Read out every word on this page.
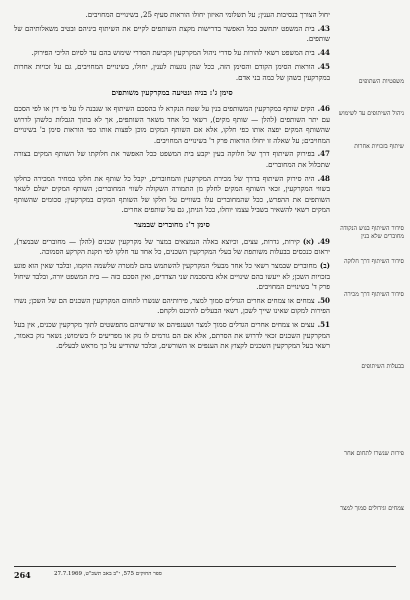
משפטיות השתופים
ניהול השיתופים עד לשימוש
שיתוף בזכויות אחרות
סידור השיתוף בגוש הנקודה מחוברים שלא בנין
סידור השיתוף דרך חלוקה
סידור השיתוף דרך מכירה
בבעלות השיתופים
פירות שנשרו לתחום אחר
צמחים וגידולים סמוך למצר

יחול הצורך בנסיבות הענין; על תשלומי האיזון יחולו הוראות סעיף 25, בשינויים המחויבים.

43.בית המשפט יתחשב ככל האפשר בדרישות מקצת השותפים לקיים את השיתוף ביניהם ובטיב משאלותיהם של שותפים.

44.בית המשפט רשאי להורות על סדרי ניהול המקרקעין וקביעת הסדרי שימוש בהם עד לסיום הליכי הפירוק.

45.הוראות הסימן הקודם והסימן הזה, ככל שהן נוגעות לענין, יחולו, בשינויים המחויבים, גם על זכויות אחרות במקרקעין כשהן של כמה בני אדם.

סימן ג': בניה ונטיעה במקרקעין משותפים

46.הקים שותף במקרקעין המשותפים בנין על שטח הנקרא לו בהסכם השיתוף או שנבנה לו על פי דין או לפי הסכם עם יתר השותפים (להלן — שותף מקים), רשאי כל אחד משאר השותפים, אך לא בתוך הגבלות כלשהן לדרוש שהשותף המקים יפצה אותו כפי חלקו, אלא אם השותף המקים מוכן לפצות אותו כפי הוראות סימן ב' בשינויים המחויבים; על שאלה זו יחולו הוראות פרק ד' בשינויים המחויבים.

47.בפירוק השיתוף דרך של חלוקה בעין יקבע בית המשפט ככל האפשר את חלוקתו של השותף המקים בצורה שתכלול את המחוברים.

48.היה סירוק השיתוף בדרך של מכירת המקרקעין והמחוברים, יקבל כל שותף את חלקו במחיר המכירה כחלקו בשווי המקרקעין, זכאי השותף המקים לחלק מן התמורה השקולה לשווי המחוברים; השותף המקים ישלם לשאר השותפים את ההפרש, ככל שהמחוברים עלו בשוויים על חלקו של השותף המקים במקרקעין; סכומים שהשותף המקים רשאי להשאיר בשביל עצמו יוחלו, ככל הניתן, גם על שותפים אחרים.

סימן ד': מחוברים שבמצר

49. (א)קירות, גדרות, עצים, וכיוצא באלה הנמצאים במצר של מקרקעין שכנים (להלן — מחוברים שבמצר), יראום כנכסים בבעלות משותפת של בעלי המקרקעין השכנים, כל אחד עד חלקו לפי תקנת הקרקע הסמוכה.

(ב)מחוברים שבמצר רשאי כל אחד מבעלי המקרקעין להשתמש בהם למטרה שלשמה הוקמו, ובלבד שאין הוא פוגע בזכויות השכן; לא ייעשו בהם שינויים אלא בהסכמת שני הצדדים, ואין הסכם כזה — בית המשפט יורה, ובלבד שיחול פרק ד' בשינויים המחויבים.

50.צמחים או צמחים אחרים הגדלים סמוך למצר, פירותיהם שנשרו לתחום המקרקעין השכנים הם של השכן; נשרו הפירות למקום שאינו שייך לשכן, רשאי הבעלים להיכנס ולקחם.

51.עצים או צמחים אחרים הגדלים סמוך למצר ושענפיהם או שורשיהם מתפשטים לתוך מקרקעין שכנים, אין בעל המקרקעין השכנים זכאי לדרוש את הסרתם, אלא אם הם גורמים לו נזק או מפריעים לו בשימוש; נשאר נזק כאמור, רשאי בעל המקרקעין השכנים לקצוץ את הענפים או השורשים, ובלבד שהודיע על כך מראש לבעלים.

264	ספר החוקים 575, י"ב באב תשכ"ט, 27.7.1969
